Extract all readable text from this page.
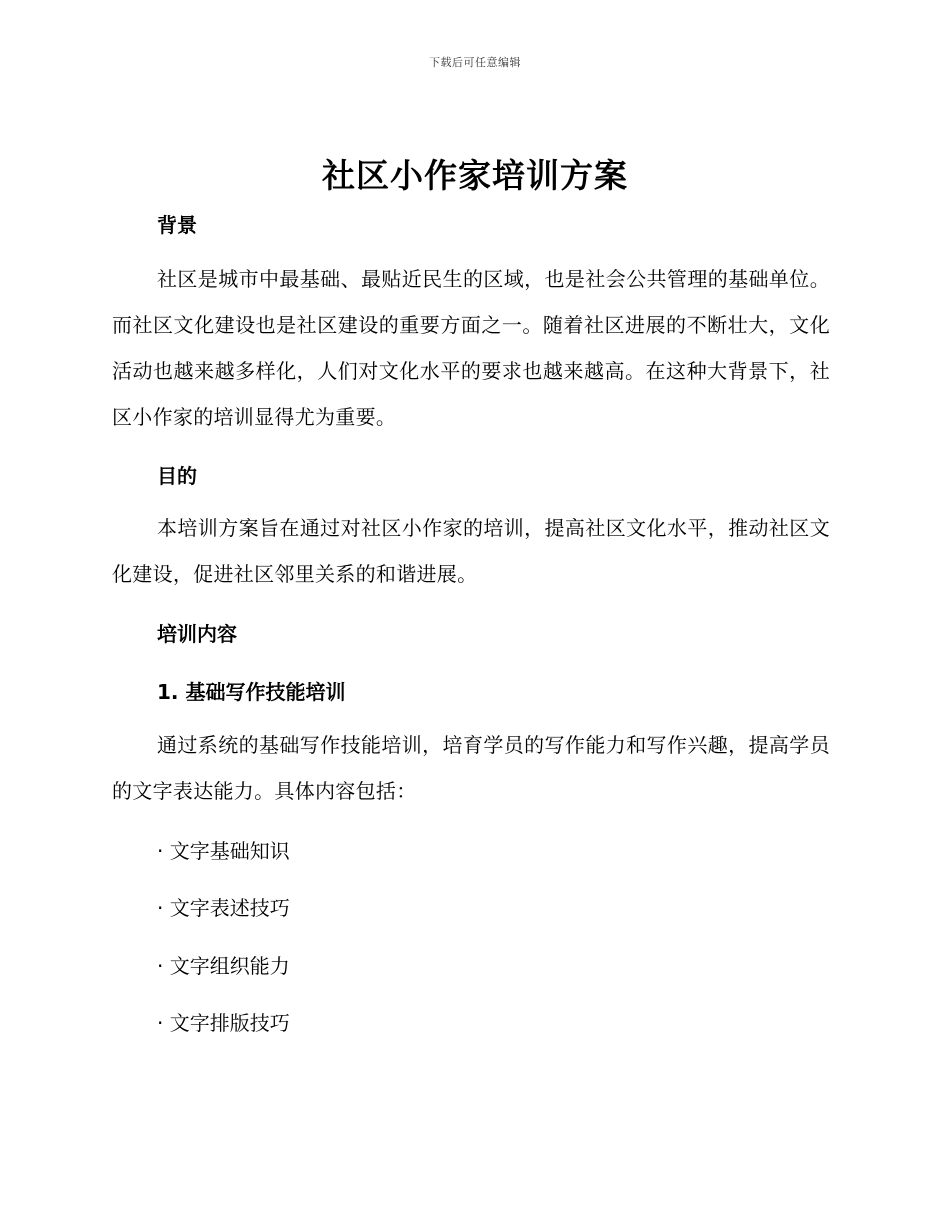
下载后可任意编辑
社区小作家培训方案
背景

社区是城市中最基础、最贴近民生的区域，也是社会公共管理的基础单位。而社区文化建设也是社区建设的重要方面之一。随着社区进展的不断壮大，文化活动也越来越多样化，人们对文化水平的要求也越来越高。在这种大背景下，社区小作家的培训显得尤为重要。

目的

本培训方案旨在通过对社区小作家的培训，提高社区文化水平，推动社区文化建设，促进社区邻里关系的和谐进展。

培训内容
1. 基础写作技能培训

通过系统的基础写作技能培训，培育学员的写作能力和写作兴趣，提高学员的文字表达能力。具体内容包括：

· 文字基础知识
· 文字表述技巧
· 文字组织能力
· 文字排版技巧
